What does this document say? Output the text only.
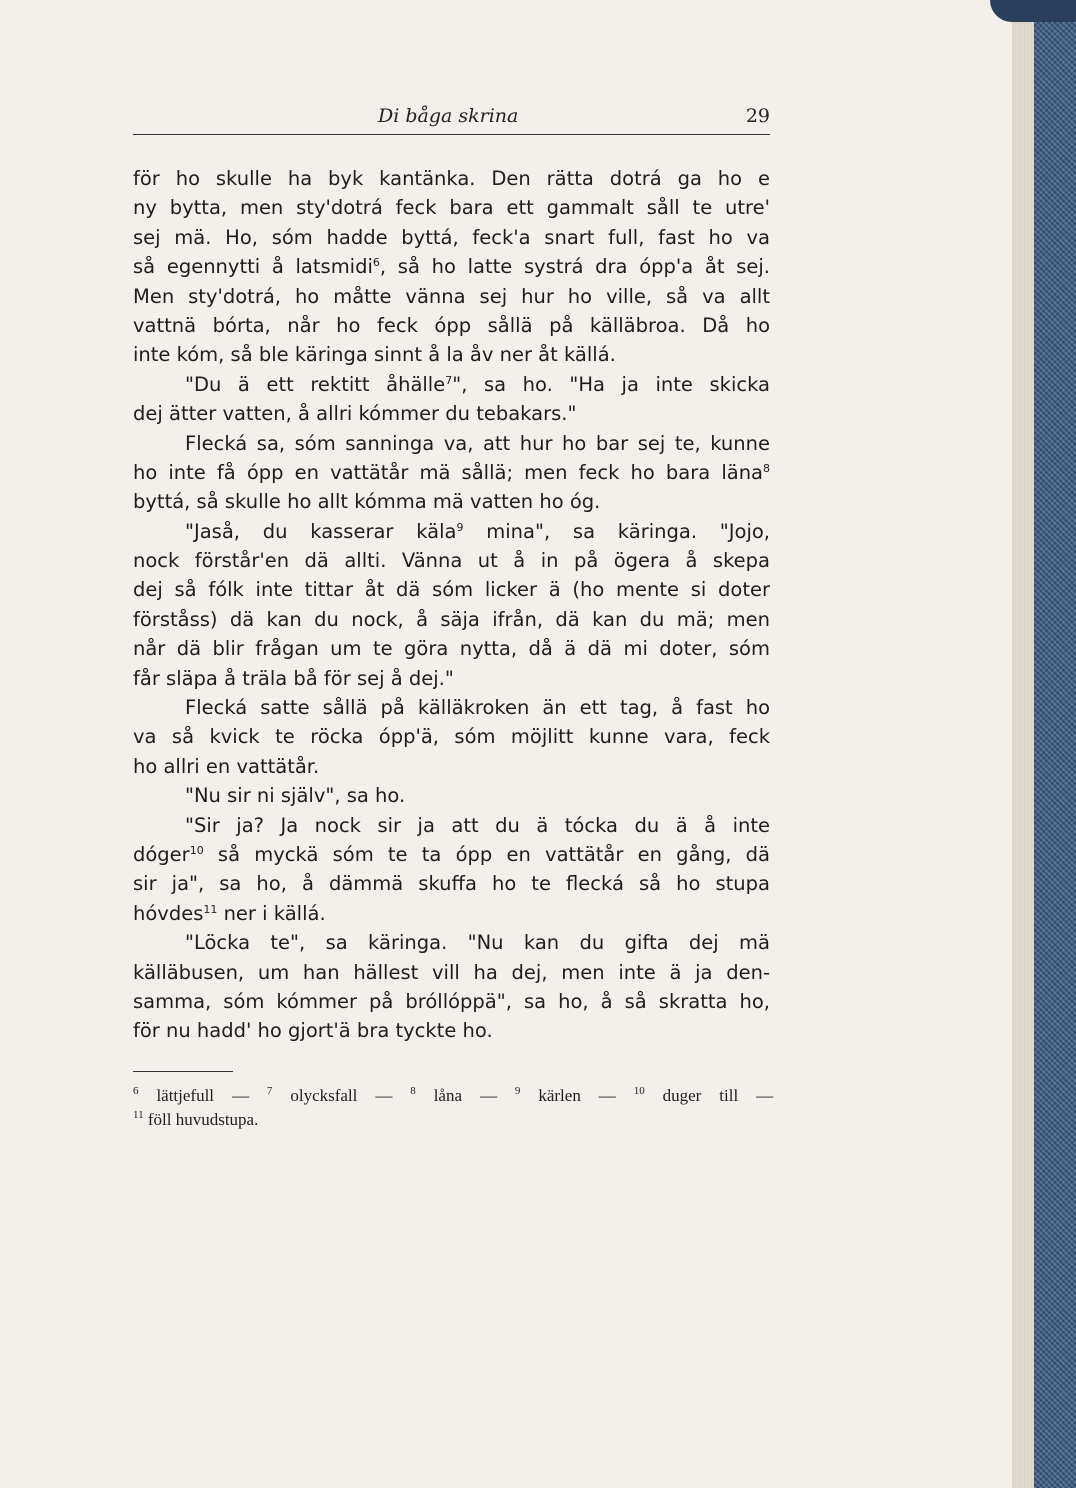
Di båga skrina	29
för ho skulle ha byk kantänka. Den rätta dotrá ga ho e
ny bytta, men sty'dotrá feck bara ett gammalt såll te utre'
sej mä. Ho, sóm hadde byttá, feck'a snart full, fast ho va
så egennytti å latsmidi$^6$, så ho latte systrá dra ópp'a åt sej.
Men sty'dotrá, ho måtte vänna sej hur ho ville, så va allt
vattnä bórta, når ho feck ópp sållä på källäbroa. Då ho
inte kóm, så ble käringa sinnt å la åv ner åt källá.
"Du ä ett rektitt åhälle$^7$", sa ho. "Ha ja inte skicka
dej ätter vatten, å allri kómmer du tebakars."
Flecká sa, sóm sanninga va, att hur ho bar sej te, kunne
ho inte få ópp en vattätår mä sållä; men feck ho bara läna$^8$
byttá, så skulle ho allt kómma mä vatten ho óg.
"Jaså, du kasserar käla$^9$ mina", sa käringa. "Jojo,
nock förstår'en dä allti. Vänna ut å in på ögera å skepa
dej så fólk inte tittar åt dä sóm licker ä (ho mente si doter
förståss) dä kan du nock, å säja ifrån, dä kan du mä; men
når dä blir frågan um te göra nytta, då ä dä mi doter, sóm
får släpa å träla bå för sej å dej."
Flecká satte sållä på källäkroken än ett tag, å fast ho
va så kvick te röcka ópp'ä, sóm möjlitt kunne vara, feck
ho allri en vattätår.
"Nu sir ni själv", sa ho.
"Sir ja? Ja nock sir ja att du ä tócka du ä å inte
dóger$^{10}$ så myckä sóm te ta ópp en vattätår en gång, dä
sir ja", sa ho, å dämmä skuffa ho te flecká så ho stupa
hóvdes$^{11}$ ner i källá.
"Löcka te", sa käringa. "Nu kan du gifta dej mä
källäbusen, um han hällest vill ha dej, men inte ä ja den-
samma, sóm kómmer på bróllóppä", sa ho, å så skratta ho,
för nu hadd' ho gjort'ä bra tyckte ho.
$^6$ lättjefull — $^7$ olycksfall — $^8$ låna — $^9$ kärlen — $^{10}$ duger till —
$^{11}$ föll huvudstupa.
